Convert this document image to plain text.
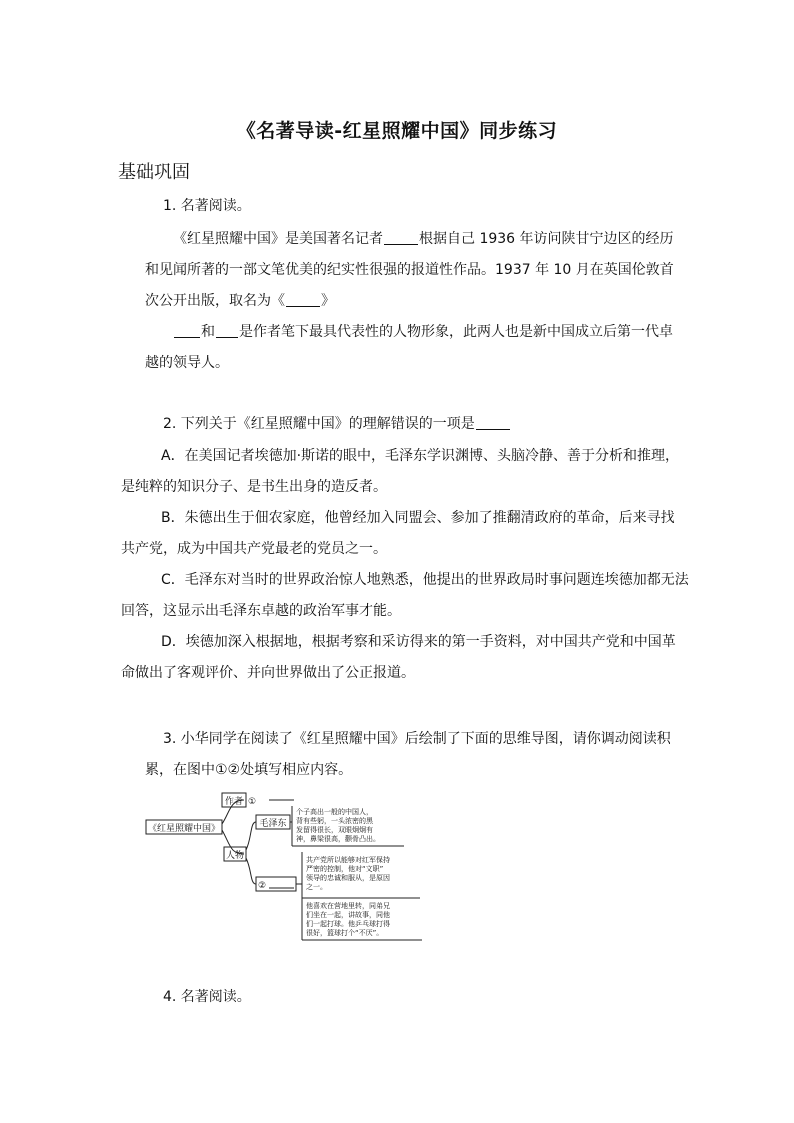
《名著导读-红星照耀中国》同步练习
基础巩固
1. 名著阅读。
《红星照耀中国》是美国著名记者	根据自己 1936 年访问陕甘宁边区的经历
和见闻所著的一部文笔优美的纪实性很强的报道性作品。1937 年 10 月在英国伦敦首
次公开出版，取名为《	》
和 是作者笔下最具代表性的人物形象，此两人也是新中国成立后第一代卓
越的领导人。
2. 下列关于《红星照耀中国》的理解错误的一项是
A．在美国记者埃德加·斯诺的眼中，毛泽东学识渊博、头脑冷静、善于分析和推理，
是纯粹的知识分子、是书生出身的造反者。
B．朱德出生于佃农家庭，他曾经加入同盟会、参加了推翻清政府的革命，后来寻找
共产党，成为中国共产党最老的党员之一。
C．毛泽东对当时的世界政治惊人地熟悉，他提出的世界政局时事问题连埃德加都无法
回答，这显示出毛泽东卓越的政治军事才能。
D．埃德加深入根据地，根据考察和采访得来的第一手资料，对中国共产党和中国革
命做出了客观评价、并向世界做出了公正报道。
3. 小华同学在阅读了《红星照耀中国》后绘制了下面的思维导图，请你调动阅读积
累，在图中①②处填写相应内容。
《红星照耀中国》
作者 ①
人物
毛泽东
②
个子高出一般的中国人，
背有些躬，一头浓密的黑
发留得很长，双眼炯炯有
神，鼻梁很高，颧骨凸出。
共产党所以能够对红军保持
严密的控制，他对“文职”
领导的忠诚和服从，是原因
之一。
他喜欢在营地里转，同弟兄
们坐在一起，讲故事，同他
们一起打球。他乒乓球打得
很好，篮球打个“不厌”。
4. 名著阅读。
